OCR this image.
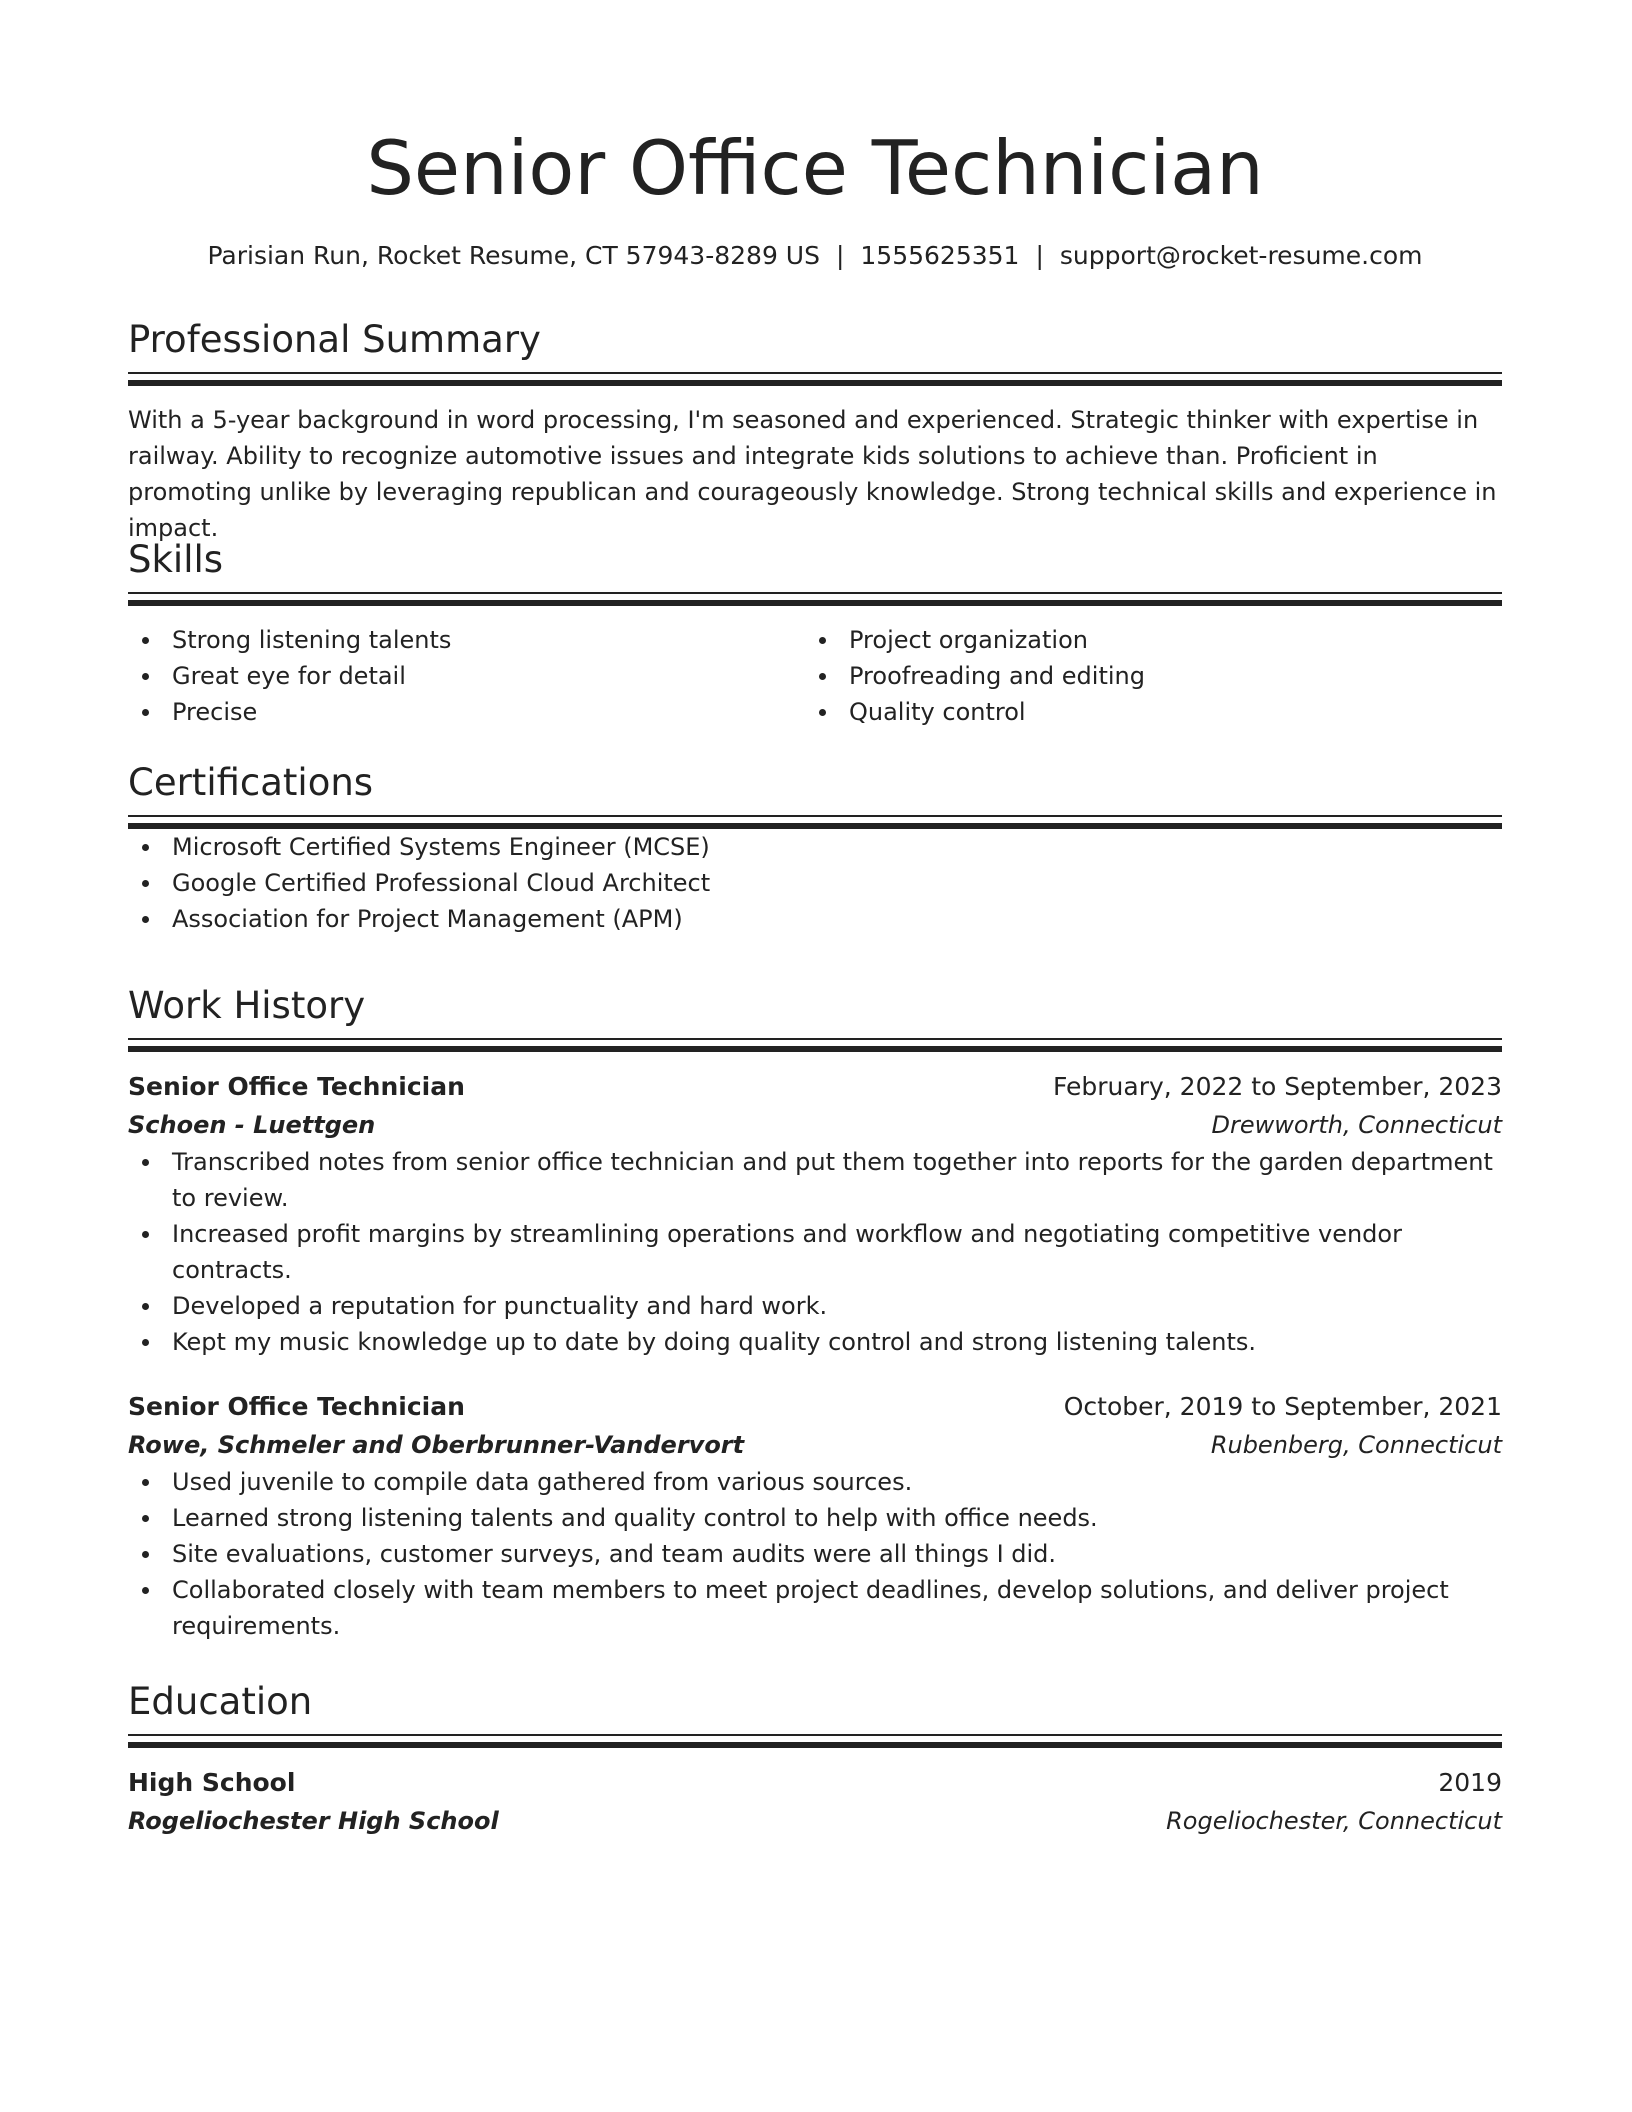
Senior Office Technician
Parisian Run, Rocket Resume, CT 57943-8289 US | 1555625351 | support@rocket-resume.com
Professional Summary
With a 5-year background in word processing, I'm seasoned and experienced. Strategic thinker with expertise in railway. Ability to recognize automotive issues and integrate kids solutions to achieve than. Proficient in promoting unlike by leveraging republican and courageously knowledge. Strong technical skills and experience in impact.
Skills
Strong listening talents
Great eye for detail
Precise
Project organization
Proofreading and editing
Quality control
Certifications
Microsoft Certified Systems Engineer (MCSE)
Google Certified Professional Cloud Architect
Association for Project Management (APM)
Work History
Senior Office Technician	February, 2022 to September, 2023
Schoen - Luettgen	Drewworth, Connecticut
Transcribed notes from senior office technician and put them together into reports for the garden department to review.
Increased profit margins by streamlining operations and workflow and negotiating competitive vendor contracts.
Developed a reputation for punctuality and hard work.
Kept my music knowledge up to date by doing quality control and strong listening talents.
Senior Office Technician	October, 2019 to September, 2021
Rowe, Schmeler and Oberbrunner-Vandervort	Rubenberg, Connecticut
Used juvenile to compile data gathered from various sources.
Learned strong listening talents and quality control to help with office needs.
Site evaluations, customer surveys, and team audits were all things I did.
Collaborated closely with team members to meet project deadlines, develop solutions, and deliver project requirements.
Education
High School	2019
Rogeliochester High School	Rogeliochester, Connecticut
